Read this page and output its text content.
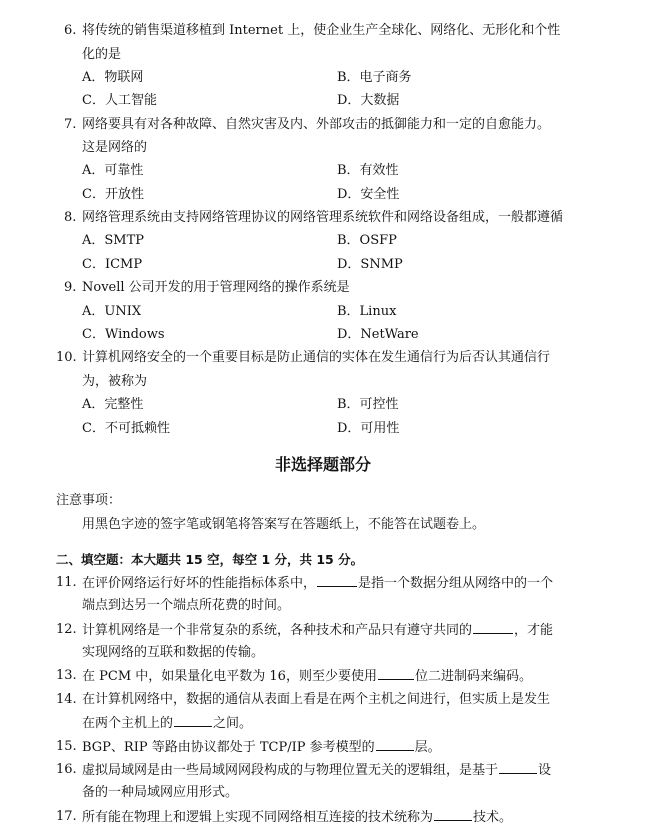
6. 将传统的销售渠道移植到 Internet 上，使企业生产全球化、网络化、无形化和个性
化的是
A．物联网	B．电子商务
C．人工智能	D．大数据
7. 网络要具有对各种故障、自然灾害及内、外部攻击的抵御能力和一定的自愈能力。
这是网络的
A．可靠性	B．有效性
C．开放性	D．安全性
8. 网络管理系统由支持网络管理协议的网络管理系统软件和网络设备组成，一般都遵循
A．SMTP	B．OSFP
C．ICMP	D．SNMP
9. Novell 公司开发的用于管理网络的操作系统是
A．UNIX	B．Linux
C．Windows	D．NetWare
10. 计算机网络安全的一个重要目标是防止通信的实体在发生通信行为后否认其通信行
为，被称为
A．完整性	B．可控性
C．不可抵赖性	D．可用性
非选择题部分
注意事项：
用黑色字迹的签字笔或钢笔将答案写在答题纸上，不能答在试题卷上。
二、填空题：本大题共 15 空，每空 1 分，共 15 分。
11. 在评价网络运行好坏的性能指标体系中，	是指一个数据分组从网络中的一个
端点到达另一个端点所花费的时间。
12. 计算机网络是一个非常复杂的系统，各种技术和产品只有遵守共同的	，才能
实现网络的互联和数据的传输。
13. 在 PCM 中，如果量化电平数为 16，则至少要使用	位二进制码来编码。
14. 在计算机网络中，数据的通信从表面上看是在两个主机之间进行，但实质上是发生
在两个主机上的	之间。
15. BGP、RIP 等路由协议都处于 TCP/IP 参考模型的	层。
16. 虚拟局域网是由一些局域网网段构成的与物理位置无关的逻辑组，是基于	设
备的一种局域网应用形式。
17. 所有能在物理上和逻辑上实现不同网络相互连接的技术统称为	技术。
